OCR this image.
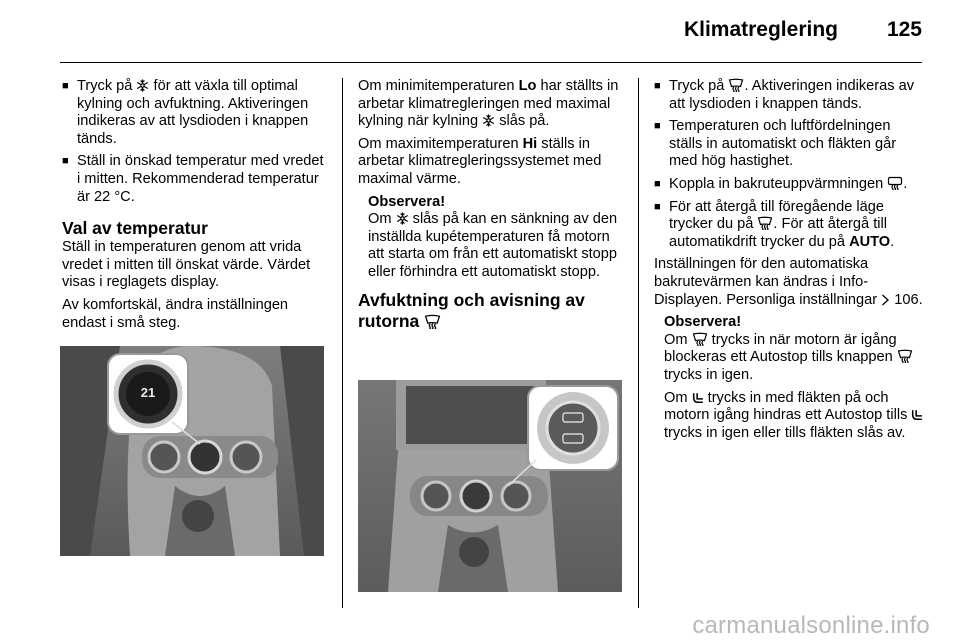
Klimatreglering	125
■ Tryck på för att växla till optimal kylning och avfuktning. Aktiveringen indikeras av att lysdioden i knappen tänds.
■ Ställ in önskad temperatur med vredet i mitten. Rekommenderad temperatur är 22 °C.
Val av temperatur

Ställ in temperaturen genom att vrida vredet i mitten till önskat värde. Värdet visas i reglagets display.

Av komfortskäl, ändra inställningen endast i små steg.

21

Om minimitemperaturen Lo har ställts in arbetar klimatregleringen med maximal kylning när kylning slås på.

Om maximitemperaturen Hi ställs in arbetar klimatregleringssystemet med maximal värme.

Observera!
Om slås på kan en sänkning av den inställda kupétemperaturen få motorn att starta om från ett automatiskt stopp eller förhindra ett automatiskt stopp.
Avfuktning och avisning av
rutorna
■ Tryck på . Aktiveringen indikeras av att lysdioden i knappen tänds.
■ Temperaturen och luftfördelningen ställs in automatiskt och fläkten går med hög hastighet.
■ Koppla in bakruteuppvärmningen .
■ För att återgå till föregående läge trycker du på . För att återgå till automatikdrift trycker du på AUTO.

Inställningen för den automatiska bakrutevärmen kan ändras i Info-Displayen. Personliga inställningar 106.

Observera!

Om trycks in när motorn är igång blockeras ett Autostop tills knappen  trycks in igen.

Om trycks in med fläkten på och motorn igång hindras ett Autostop tills  trycks in igen eller tills fläkten slås av.

carmanualsonline.info
